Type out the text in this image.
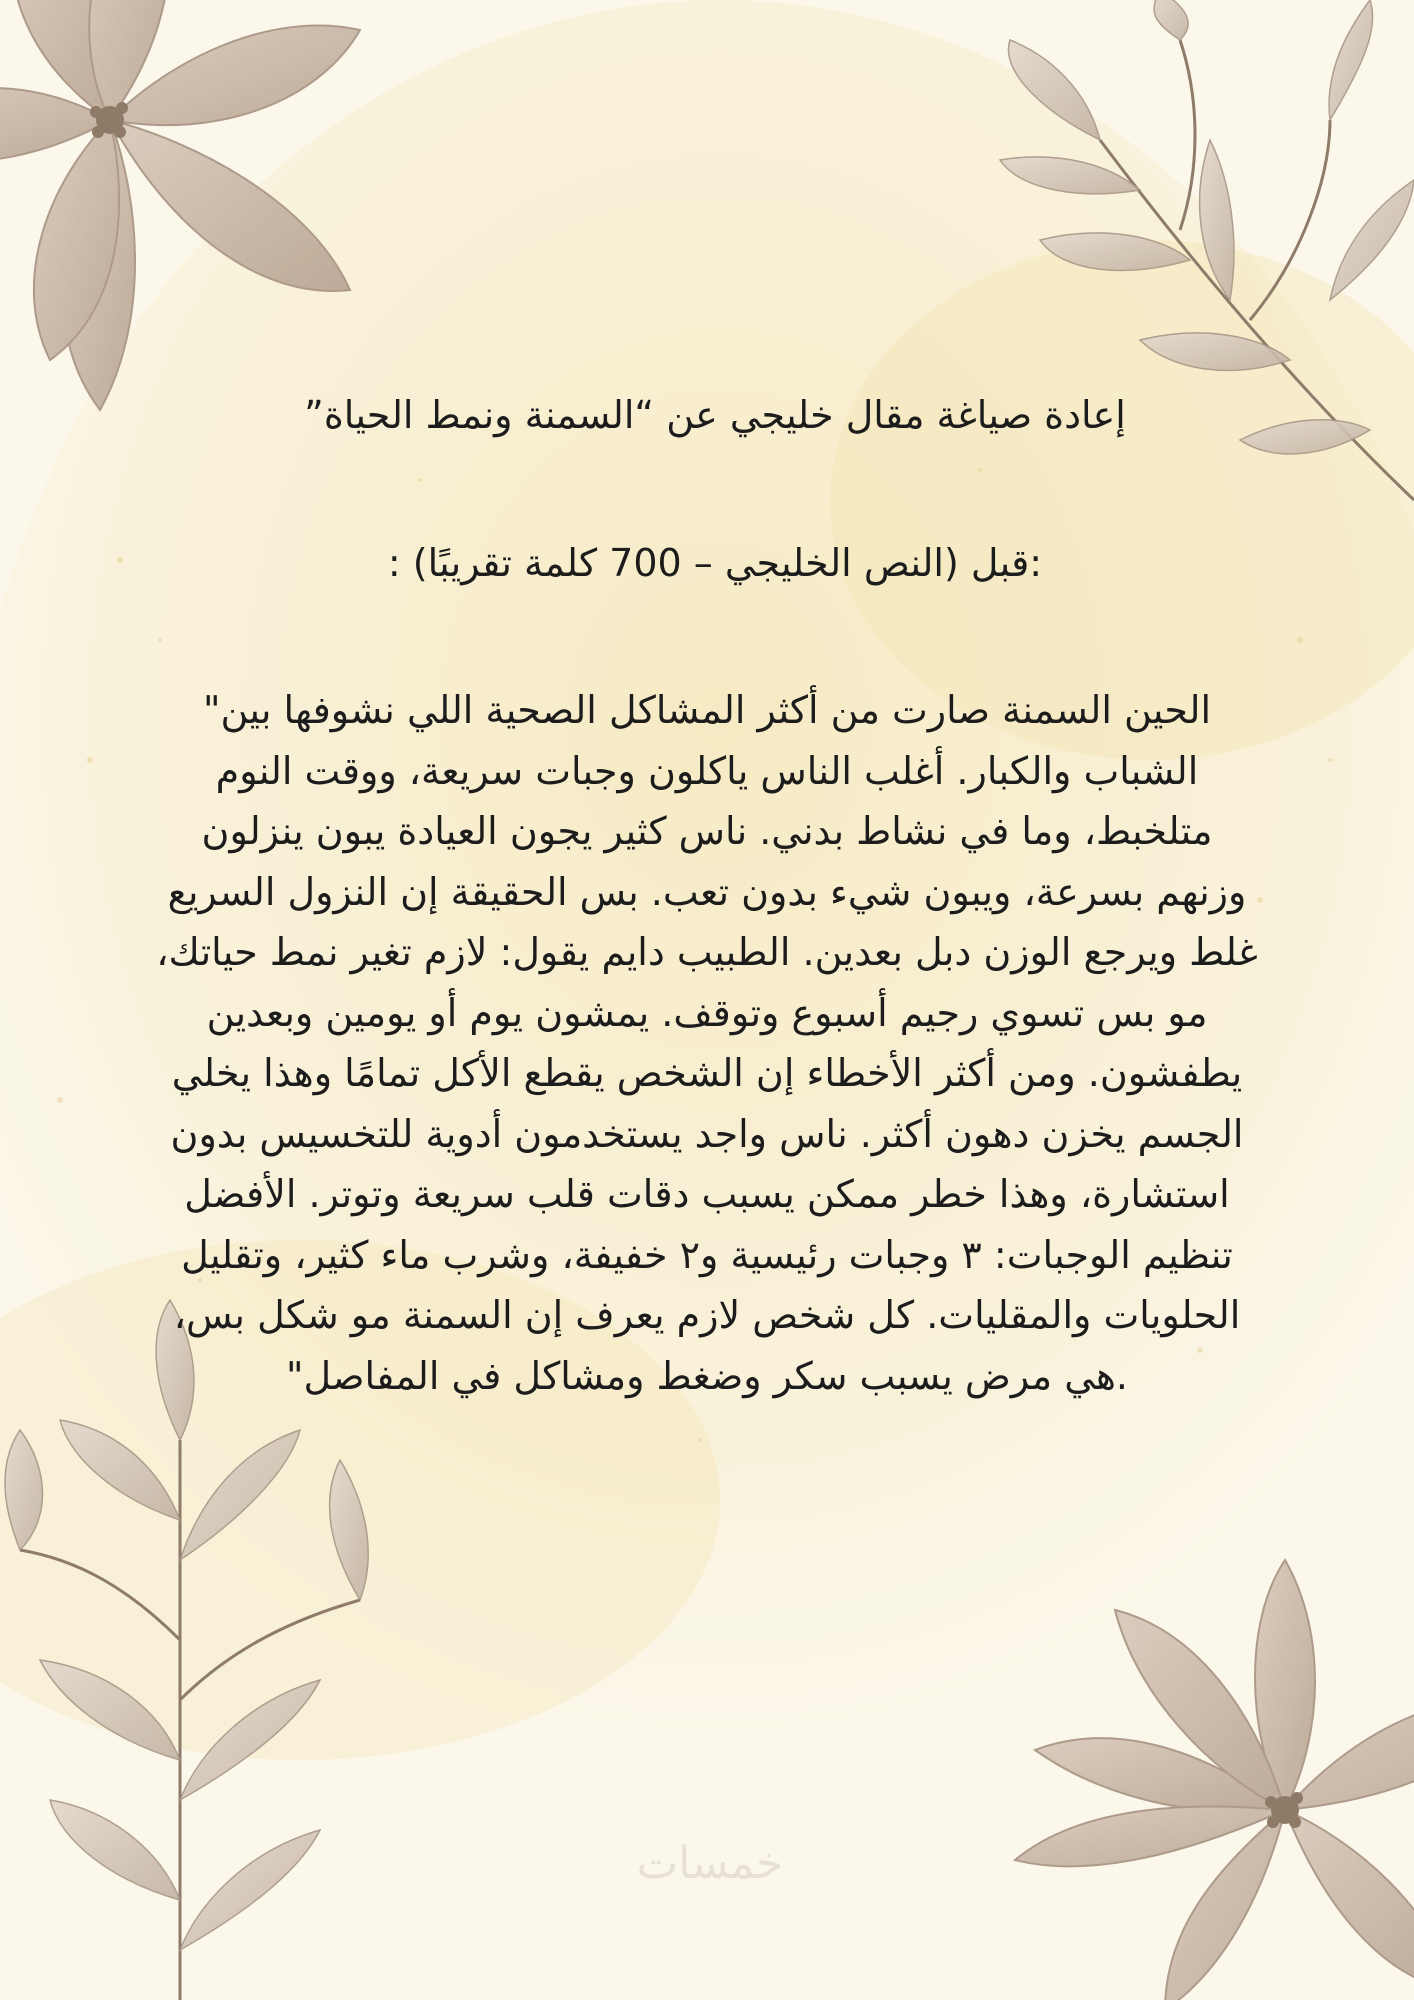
إعادة صياغة مقال خليجي عن “السمنة ونمط الحياة”
:قبل (النص الخليجي – 700 كلمة تقريبًا) :
الحين السمنة صارت من أكثر المشاكل الصحية اللي نشوفها بين"
الشباب والكبار. أغلب الناس ياكلون وجبات سريعة، ووقت النوم
متلخبط، وما في نشاط بدني. ناس كثير يجون العيادة يبون ينزلون
وزنهم بسرعة، ويبون شيء بدون تعب. بس الحقيقة إن النزول السريع
غلط ويرجع الوزن دبل بعدين. الطبيب دايم يقول: لازم تغير نمط حياتك،
مو بس تسوي رجيم أسبوع وتوقف. يمشون يوم أو يومين وبعدين
يطفشون. ومن أكثر الأخطاء إن الشخص يقطع الأكل تمامًا وهذا يخلي
الجسم يخزن دهون أكثر. ناس واجد يستخدمون أدوية للتخسيس بدون
استشارة، وهذا خطر ممكن يسبب دقات قلب سريعة وتوتر. الأفضل
تنظيم الوجبات: ٣ وجبات رئيسية و٢ خفيفة، وشرب ماء كثير، وتقليل
الحلويات والمقليات. كل شخص لازم يعرف إن السمنة مو شكل بس،
.هي مرض يسبب سكر وضغط ومشاكل في المفاصل"
خمسات
